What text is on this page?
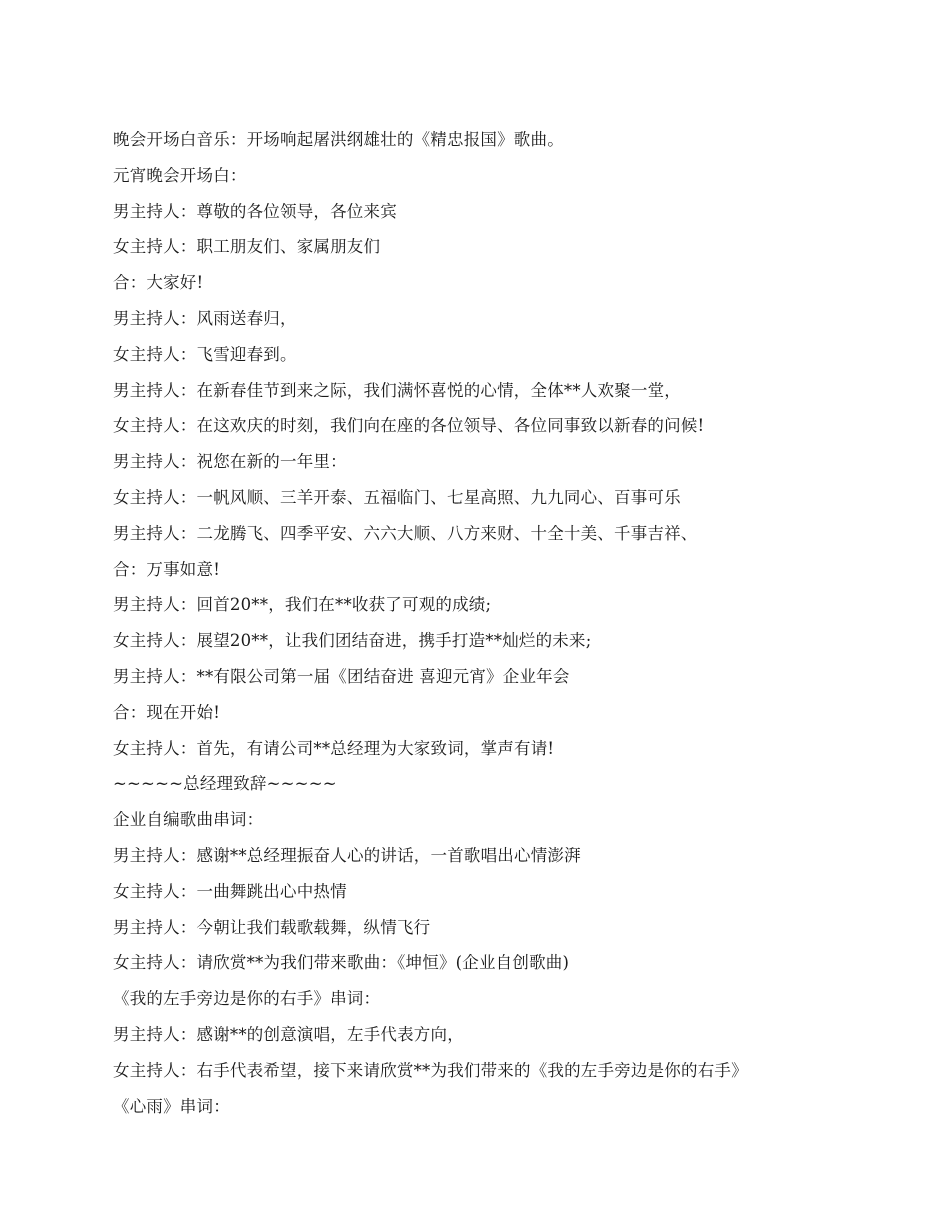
晚会开场白音乐：开场响起屠洪纲雄壮的《精忠报国》歌曲。
元宵晚会开场白：
男主持人：尊敬的各位领导，各位来宾
女主持人：职工朋友们、家属朋友们
合：大家好!
男主持人：风雨送春归，
女主持人：飞雪迎春到。
男主持人：在新春佳节到来之际，我们满怀喜悦的心情，全体**人欢聚一堂，
女主持人：在这欢庆的时刻，我们向在座的各位领导、各位同事致以新春的问候!
男主持人：祝您在新的一年里：
女主持人：一帆风顺、三羊开泰、五福临门、七星高照、九九同心、百事可乐
男主持人：二龙腾飞、四季平安、六六大顺、八方来财、十全十美、千事吉祥、
合：万事如意!
男主持人：回首20**，我们在**收获了可观的成绩;
女主持人：展望20**，让我们团结奋进，携手打造**灿烂的未来;
男主持人：**有限公司第一届《团结奋进 喜迎元宵》企业年会
合：现在开始!
女主持人：首先，有请公司**总经理为大家致词，掌声有请!
~~~~~总经理致辞~~~~~
企业自编歌曲串词：
男主持人：感谢**总经理振奋人心的讲话，一首歌唱出心情澎湃
女主持人：一曲舞跳出心中热情
男主持人：今朝让我们载歌载舞，纵情飞行
女主持人：请欣赏**为我们带来歌曲：《坤恒》(企业自创歌曲)
《我的左手旁边是你的右手》串词：
男主持人：感谢**的创意演唱，左手代表方向，
女主持人：右手代表希望，接下来请欣赏**为我们带来的《我的左手旁边是你的右手》
《心雨》串词：
